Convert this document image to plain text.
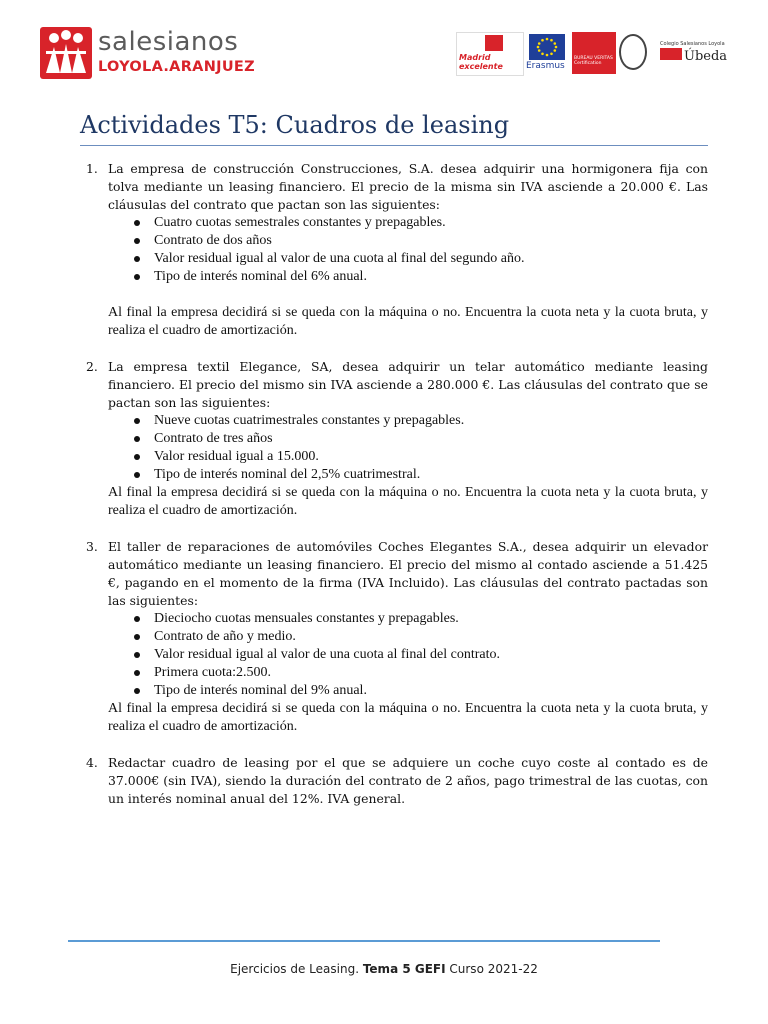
salesianos
LOYOLA.ARANJUEZ
Madrid excelente	Erasmus
BUREAU VERITAS Certification
Colegio Salesianos Loyola
Úbeda
Actividades T5: Cuadros de leasing
1. La empresa de construcción Construcciones, S.A. desea adquirir una hormigonera fija con tolva mediante un leasing financiero. El precio de la misma sin IVA asciende a 20.000 €. Las cláusulas del contrato que pactan son las siguientes:
Cuatro cuotas semestrales constantes y prepagables.
Contrato de dos años
Valor residual igual al valor de una cuota al final del segundo año.
Tipo de interés nominal del 6% anual.
Al final la empresa decidirá si se queda con la máquina o no. Encuentra la cuota neta y la cuota bruta, y realiza el cuadro de amortización.
2. La empresa textil Elegance, SA, desea adquirir un telar automático mediante leasing financiero. El precio del mismo sin IVA asciende a 280.000 €. Las cláusulas del contrato que se pactan son las siguientes:
Nueve cuotas cuatrimestrales constantes y prepagables.
Contrato de tres años
Valor residual igual a 15.000.
Tipo de interés nominal del 2,5% cuatrimestral.
Al final la empresa decidirá si se queda con la máquina o no. Encuentra la cuota neta y la cuota bruta, y realiza el cuadro de amortización.
3. El taller de reparaciones de automóviles Coches Elegantes S.A., desea adquirir un elevador automático mediante un leasing financiero. El precio del mismo al contado asciende a 51.425 €, pagando en el momento de la firma (IVA Incluido). Las cláusulas del contrato pactadas son las siguientes:
Dieciocho cuotas mensuales constantes y prepagables.
Contrato de año y medio.
Valor residual igual al valor de una cuota al final del contrato.
Primera cuota:2.500.
Tipo de interés nominal del 9% anual.
Al final la empresa decidirá si se queda con la máquina o no. Encuentra la cuota neta y la cuota bruta, y realiza el cuadro de amortización.
4. Redactar cuadro de leasing por el que se adquiere un coche cuyo coste al contado es de 37.000€ (sin IVA), siendo la duración del contrato de 2 años, pago trimestral de las cuotas, con un interés nominal anual del 12%. IVA general.
Ejercicios de Leasing. Tema 5 GEFI Curso 2021-22
